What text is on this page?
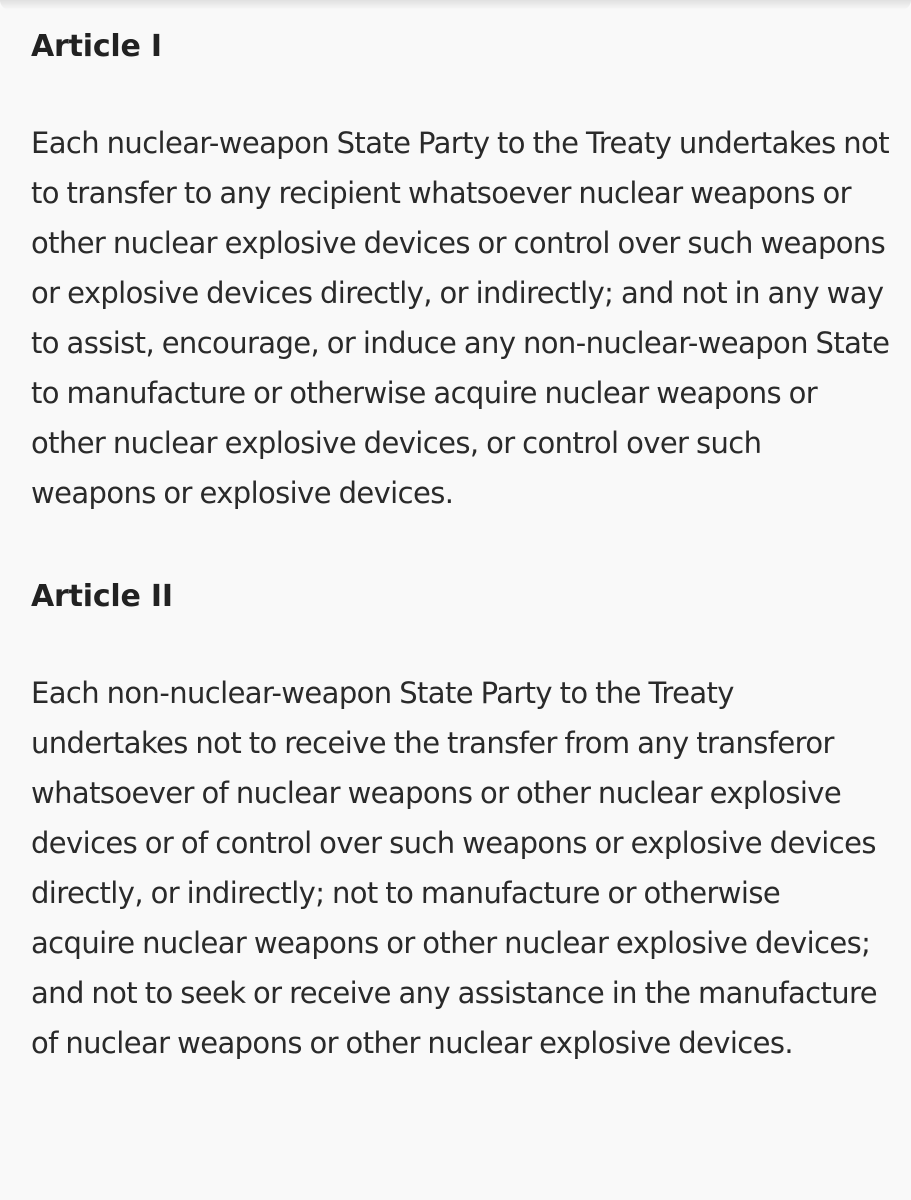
Article I

Each nuclear-weapon State Party to the Treaty undertakes not to transfer to any recipient whatsoever nuclear weapons or other nuclear explosive devices or control over such weapons or explosive devices directly, or indirectly; and not in any way to assist, encourage, or induce any non-nuclear-weapon State to manufacture or otherwise acquire nuclear weapons or other nuclear explosive devices, or control over such weapons or explosive devices.

Article II

Each non-nuclear-weapon State Party to the Treaty undertakes not to receive the transfer from any transferor whatsoever of nuclear weapons or other nuclear explosive devices or of control over such weapons or explosive devices directly, or indirectly; not to manufacture or otherwise acquire nuclear weapons or other nuclear explosive devices; and not to seek or receive any assistance in the manufacture of nuclear weapons or other nuclear explosive devices.
